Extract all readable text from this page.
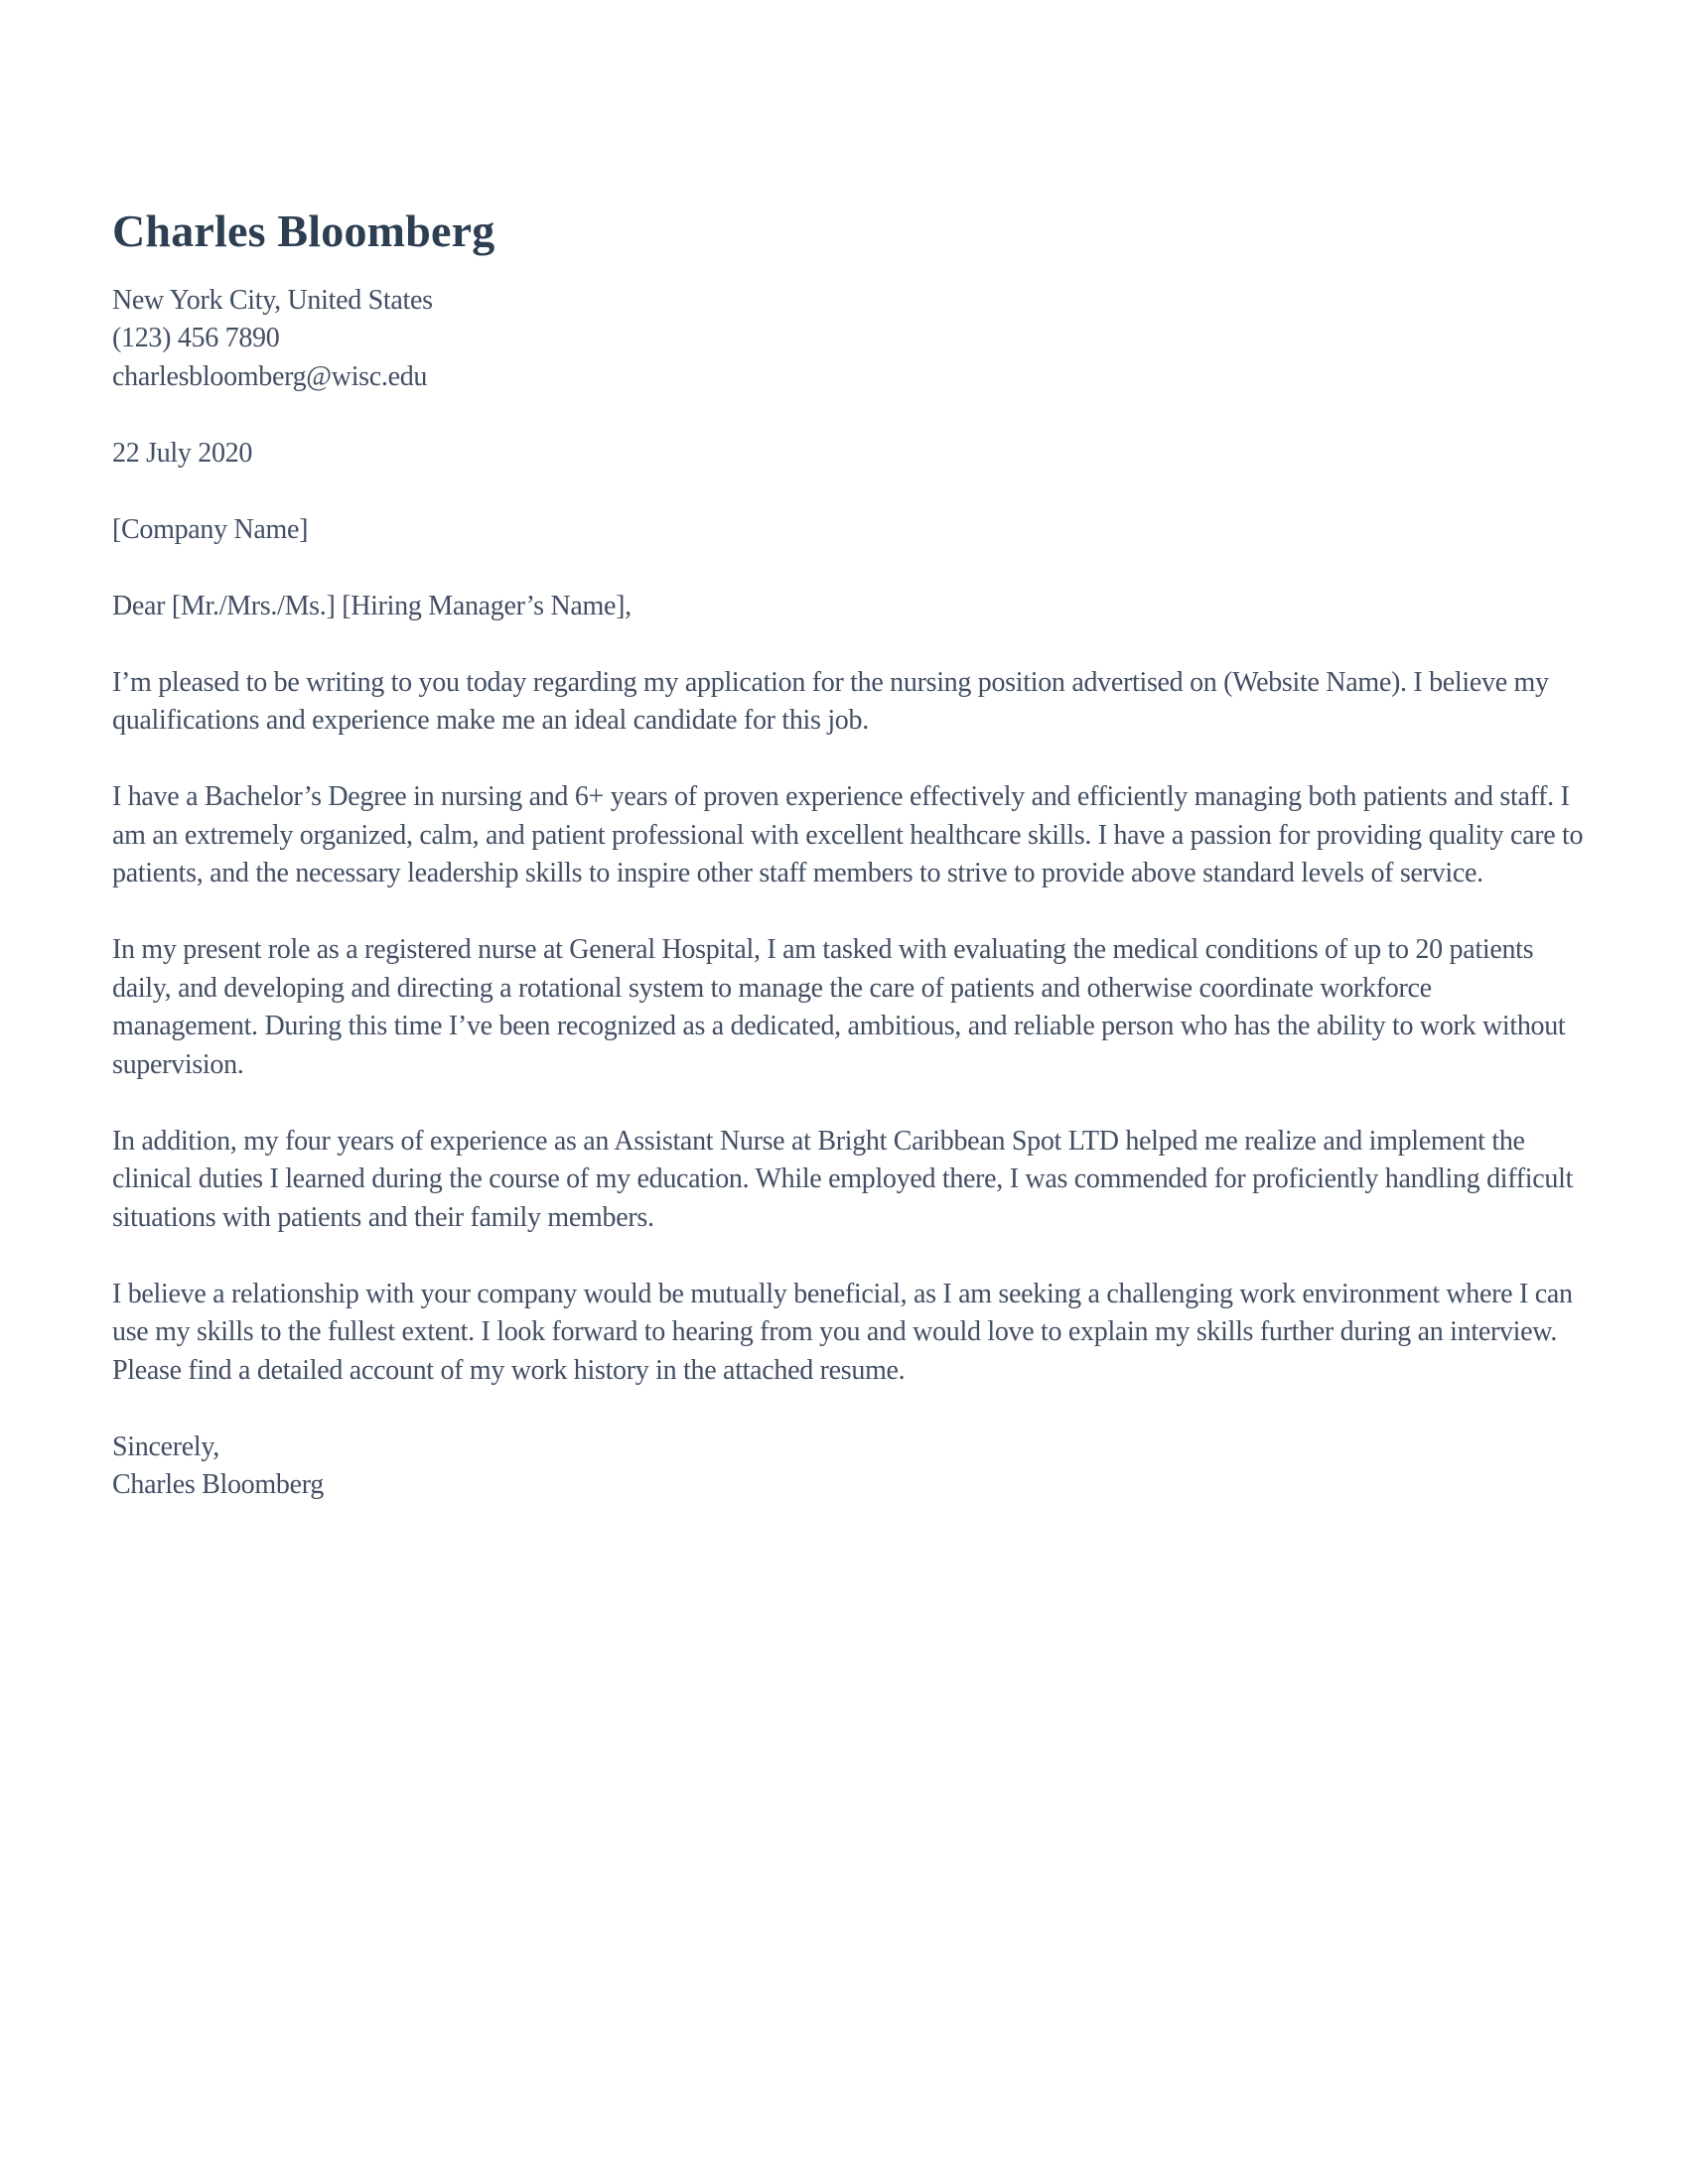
Charles Bloomberg

New York City, United States

(123) 456 7890

charlesbloomberg@wisc.edu

22 July 2020

[Company Name]

Dear [Mr./Mrs./Ms.] [Hiring Manager’s Name],

I’m pleased to be writing to you today regarding my application for the nursing position advertised on (Website Name). I believe my qualifications and experience make me an ideal candidate for this job.

I have a Bachelor’s Degree in nursing and 6+ years of proven experience effectively and efficiently managing both patients and staff. I am an extremely organized, calm, and patient professional with excellent healthcare skills. I have a passion for providing quality care to patients, and the necessary leadership skills to inspire other staff members to strive to provide above standard levels of service.

In my present role as a registered nurse at General Hospital, I am tasked with evaluating the medical conditions of up to 20 patients daily, and developing and directing a rotational system to manage the care of patients and otherwise coordinate workforce management. During this time I’ve been recognized as a dedicated, ambitious, and reliable person who has the ability to work without supervision.

In addition, my four years of experience as an Assistant Nurse at Bright Caribbean Spot LTD helped me realize and implement the clinical duties I learned during the course of my education. While employed there, I was commended for proficiently handling difficult situations with patients and their family members.

I believe a relationship with your company would be mutually beneficial, as I am seeking a challenging work environment where I can use my skills to the fullest extent. I look forward to hearing from you and would love to explain my skills further during an interview. Please find a detailed account of my work history in the attached resume.

Sincerely,

Charles Bloomberg
